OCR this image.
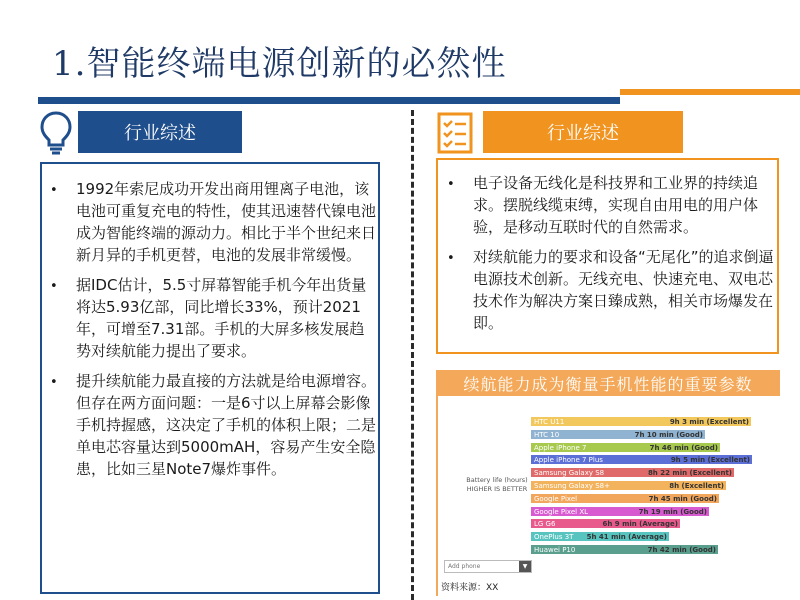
1.智能终端电源创新的必然性
行业综述
• 1992年索尼成功开发出商用锂离子电池，该电池可重复充电的特性，使其迅速替代镍电池成为智能终端的源动力。相比于半个世纪来日新月异的手机更替，电池的发展非常缓慢。
• 据IDC估计，5.5寸屏幕智能手机今年出货量将达5.93亿部，同比增长33%，预计2021年，可增至7.31部。手机的大屏多核发展趋势对续航能力提出了要求。
• 提升续航能力最直接的方法就是给电源增容。但存在两方面问题：一是6寸以上屏幕会影像手机持握感，这决定了手机的体积上限；二是单电芯容量达到5000mAH，容易产生安全隐患，比如三星Note7爆炸事件。
行业综述
• 电子设备无线化是科技界和工业界的持续追求。摆脱线缆束缚，实现自由用电的用户体验，是移动互联时代的自然需求。
• 对续航能力的要求和设备“无尾化”的追求倒逼电源技术创新。无线充电、快速充电、双电芯技术作为解决方案日臻成熟，相关市场爆发在即。
续航能力成为衡量手机性能的重要参数
Battery life (hours)
HIGHER IS BETTER
HTC U11	9h 3 min (Excellent)
HTC 10	7h 10 min (Good)
Apple iPhone 7	7h 46 min (Good)
Apple iPhone 7 Plus	9h 5 min (Excellent)
Samsung Galaxy S8	8h 22 min (Excellent)
Samsung Galaxy S8+	8h (Excellent)
Google Pixel	7h 45 min (Good)
Google Pixel XL	7h 19 min (Good)
LG G6	6h 9 min (Average)
OnePlus 3T 5h 41 min (Average)
Huawei P10	7h 42 min (Good)
Add phone	▼
资料来源：XX
